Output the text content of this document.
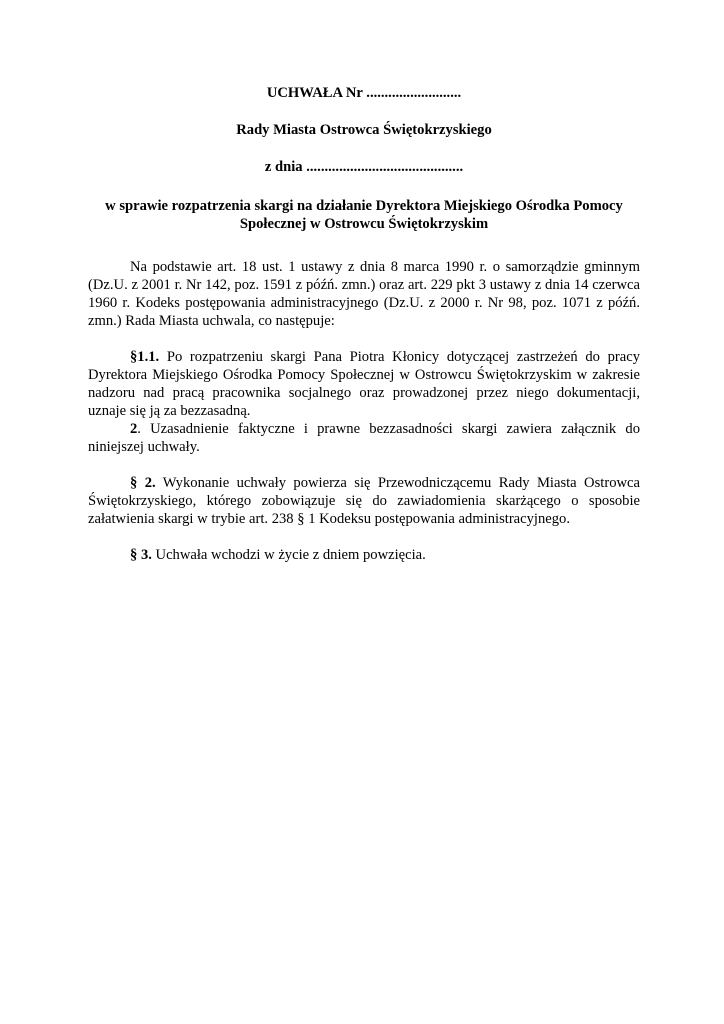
UCHWAŁA Nr ..........................
Rady Miasta Ostrowca Świętokrzyskiego
z dnia ...........................................
w sprawie rozpatrzenia skargi na działanie Dyrektora Miejskiego Ośrodka Pomocy Społecznej w Ostrowcu Świętokrzyskim

Na podstawie art. 18 ust. 1 ustawy z dnia 8 marca 1990 r. o samorządzie gminnym (Dz.U. z 2001 r. Nr 142, poz. 1591 z późń. zmn.) oraz art. 229 pkt 3 ustawy z dnia 14 czerwca 1960 r. Kodeks postępowania administracyjnego (Dz.U. z 2000 r. Nr 98, poz. 1071 z późń. zmn.) Rada Miasta uchwala, co następuje:

§1.1. Po rozpatrzeniu skargi Pana Piotra Kłonicy dotyczącej zastrzeżeń do pracy Dyrektora Miejskiego Ośrodka Pomocy Społecznej w Ostrowcu Świętokrzyskim w zakresie nadzoru nad pracą pracownika socjalnego oraz prowadzonej przez niego dokumentacji, uznaje się ją za bezzasadną.

2. Uzasadnienie faktyczne i prawne bezzasadności skargi zawiera załącznik do niniejszej uchwały.

§ 2. Wykonanie uchwały powierza się Przewodniczącemu Rady Miasta Ostrowca Świętokrzyskiego, którego zobowiązuje się do zawiadomienia skarżącego o sposobie załatwienia skargi w trybie art. 238 § 1 Kodeksu postępowania administracyjnego.

§ 3. Uchwała wchodzi w życie z dniem powzięcia.
